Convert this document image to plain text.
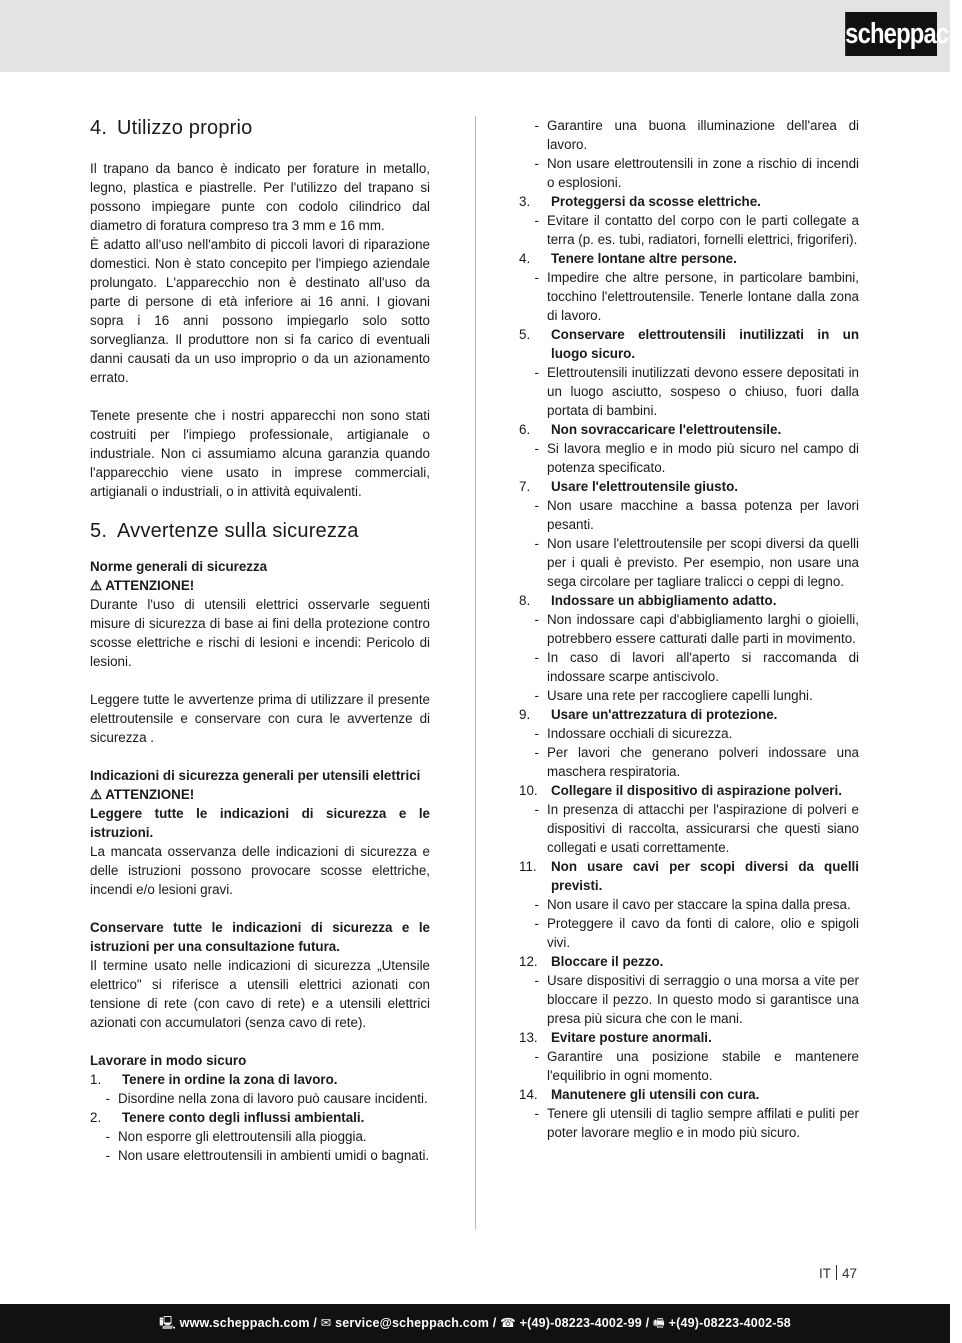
scheppach
4. Utilizzo proprio

Il trapano da banco è indicato per forature in metallo, legno, plastica e piastrelle. Per l'utilizzo del trapano si possono impiegare punte con codolo cilindrico dal diametro di foratura compreso tra 3 mm e 16 mm.

È adatto all'uso nell'ambito di piccoli lavori di riparazione domestici. Non è stato concepito per l'impiego aziendale prolungato. L'apparecchio non è destinato all'uso da parte di persone di età inferiore ai 16 anni. I giovani sopra i 16 anni possono impiegarlo solo sotto sorveglianza. Il produttore non si fa carico di eventuali danni causati da un uso improprio o da un azionamento errato.

Tenete presente che i nostri apparecchi non sono stati costruiti per l'impiego professionale, artigianale o industriale. Non ci assumiamo alcuna garanzia quando l'apparecchio viene usato in imprese commerciali, artigianali o industriali, o in attività equivalenti.

5. Avvertenze sulla sicurezza

Norme generali di sicurezza

⚠ ATTENZIONE!

Durante l'uso di utensili elettrici osservarle seguenti misure di sicurezza di base ai fini della protezione contro scosse elettriche e rischi di lesioni e incendi: Pericolo di lesioni.

Leggere tutte le avvertenze prima di utilizzare il presente elettroutensile e conservare con cura le avvertenze di sicurezza .

Indicazioni di sicurezza generali per utensili elettrici

⚠ ATTENZIONE!

Leggere tutte le indicazioni di sicurezza e le istruzioni.

La mancata osservanza delle indicazioni di sicurezza e delle istruzioni possono provocare scosse elettriche, incendi e/o lesioni gravi.

Conservare tutte le indicazioni di sicurezza e le istruzioni per una consultazione futura.

Il termine usato nelle indicazioni di sicurezza „Utensile elettrico" si riferisce a utensili elettrici azionati con tensione di rete (con cavo di rete) e a utensili elettrici azionati con accumulatori (senza cavo di rete).

Lavorare in modo sicuro

1.	Tenere in ordine la zona di lavoro.
- Disordine nella zona di lavoro può causare incidenti.
2.	Tenere conto degli influssi ambientali.
- Non esporre gli elettroutensili alla pioggia.
- Non usare elettroutensili in ambienti umidi o bagnati.
- Garantire una buona illuminazione dell'area di lavoro.
- Non usare elettroutensili in zone a rischio di incendi o esplosioni.
3.	Proteggersi da scosse elettriche.
- Evitare il contatto del corpo con le parti collegate a terra (p. es. tubi, radiatori, fornelli elettrici, frigoriferi).
4.	Tenere lontane altre persone.
- Impedire che altre persone, in particolare bambini, tocchino l'elettroutensile. Tenerle lontane dalla zona di lavoro.
5.	Conservare elettroutensili inutilizzati in un luogo sicuro.
- Elettroutensili inutilizzati devono essere depositati in un luogo asciutto, sospeso o chiuso, fuori dalla portata di bambini.
6.	Non sovraccaricare l'elettroutensile.
- Si lavora meglio e in modo più sicuro nel campo di potenza specificato.
7.	Usare l'elettroutensile giusto.
- Non usare macchine a bassa potenza per lavori pesanti.
- Non usare l'elettroutensile per scopi diversi da quelli per i quali è previsto. Per esempio, non usare una sega circolare per tagliare tralicci o ceppi di legno.
8.	Indossare un abbigliamento adatto.
- Non indossare capi d'abbigliamento larghi o gioielli, potrebbero essere catturati dalle parti in movimento.
- In caso di lavori all'aperto si raccomanda di indossare scarpe antiscivolo.
- Usare una rete per raccogliere capelli lunghi.
9.	Usare un'attrezzatura di protezione.
- Indossare occhiali di sicurezza.
- Per lavori che generano polveri indossare una maschera respiratoria.
10. Collegare il dispositivo di aspirazione polveri.
- In presenza di attacchi per l'aspirazione di polveri e dispositivi di raccolta, assicurarsi che questi siano collegati e usati correttamente.
11.	Non usare cavi per scopi diversi da quelli previsti.
- Non usare il cavo per staccare la spina dalla presa.
- Proteggere il cavo da fonti di calore, olio e spigoli vivi.
12. Bloccare il pezzo.
- Usare dispositivi di serraggio o una morsa a vite per bloccare il pezzo. In questo modo si garantisce una presa più sicura che con le mani.
13. Evitare posture anormali.
- Garantire una posizione stabile e mantenere l'equilibrio in ogni momento.
14. Manutenere gli utensili con cura.
- Tenere gli utensili di taglio sempre affilati e puliti per poter lavorare meglio e in modo più sicuro.
IT 47
🖳 www.scheppach.com / ✉ service@scheppach.com / ☎ +(49)-08223-4002-99 / 🖷 +(49)-08223-4002-58
